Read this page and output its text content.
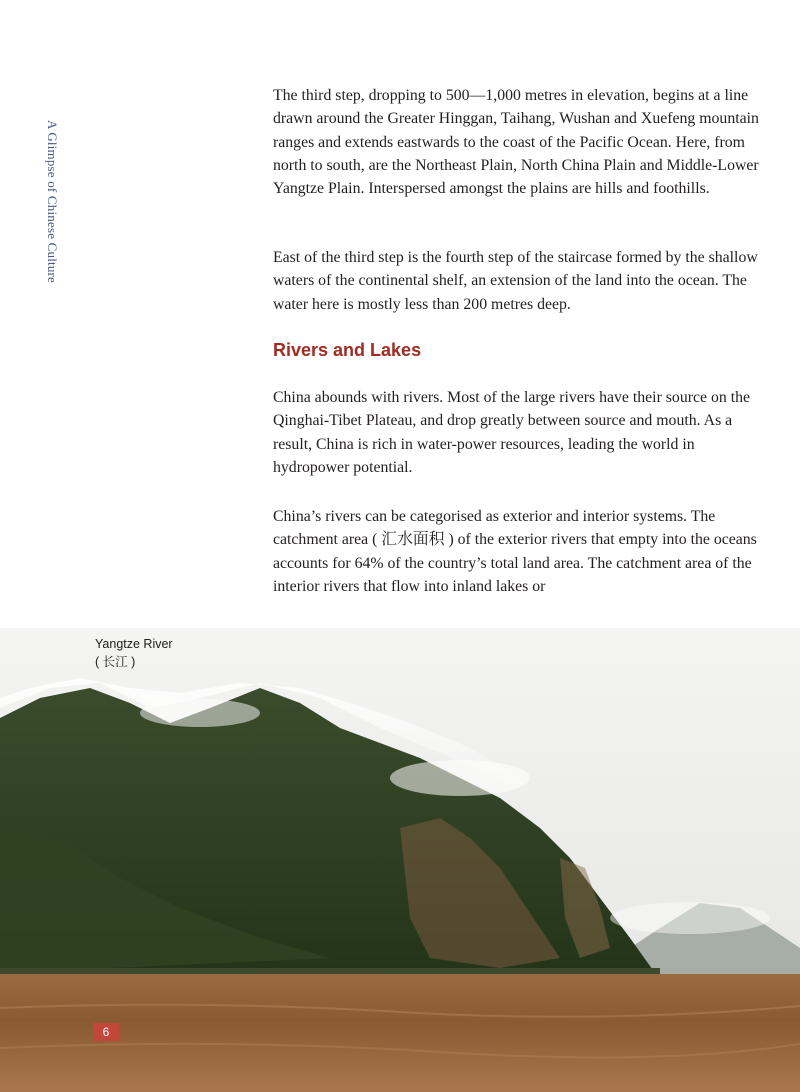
A Glimpse of Chinese Culture

The third step, dropping to 500—1,000 metres in elevation, begins at a line drawn around the Greater Hinggan, Taihang, Wushan and Xuefeng mountain ranges and extends eastwards to the coast of the Pacific Ocean. Here, from north to south, are the Northeast Plain, North China Plain and Middle-Lower Yangtze Plain. Interspersed amongst the plains are hills and foothills.

East of the third step is the fourth step of the staircase formed by the shallow waters of the continental shelf, an extension of the land into the ocean. The water here is mostly less than 200 metres deep.

Rivers and Lakes

China abounds with rivers. Most of the large rivers have their source on the Qinghai-Tibet Plateau, and drop greatly between source and mouth. As a result, China is rich in water-power resources, leading the world in hydropower potential.

China’s rivers can be categorised as exterior and interior systems. The catchment area ( 汇水面积 ) of the exterior rivers that empty into the oceans accounts for 64% of the country’s total land area. The catchment area of the interior rivers that flow into inland lakes or

Yangtze River
( 长江 )
6
